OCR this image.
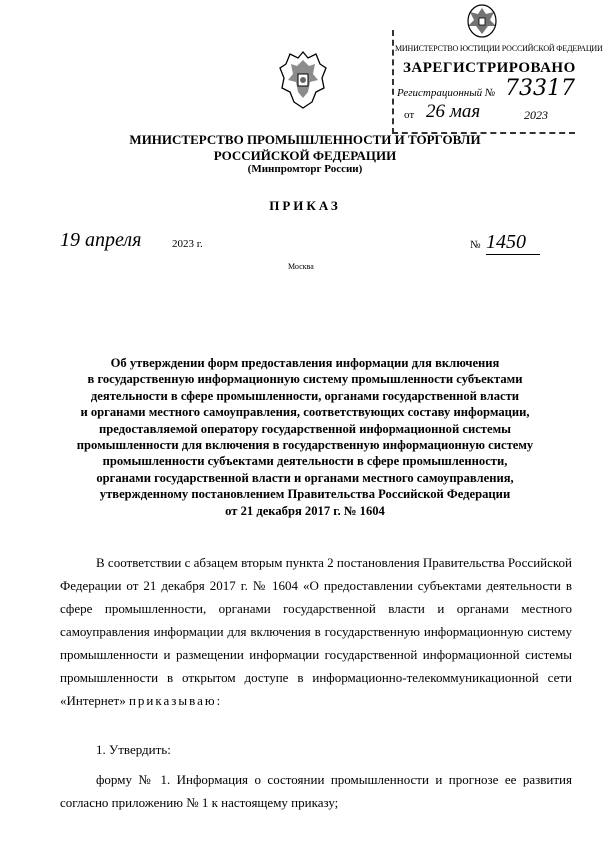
МИНИСТЕРСТВО ЮСТИЦИИ РОССИЙСКОЙ ФЕДЕРАЦИИ
ЗАРЕГИСТРИРОВАНО
Регистрационный № 73317
от 26 мая	2023
МИНИСТЕРСТВО ПРОМЫШЛЕННОСТИ И ТОРГОВЛИ
РОССИЙСКОЙ ФЕДЕРАЦИИ
(Минпромторг России)
ПРИКАЗ
19 апреля	2023 г.	№ 1450
Москва
Об утверждении форм предоставления информации для включения
в государственную информационную систему промышленности субъектами
деятельности в сфере промышленности, органами государственной власти
и органами местного самоуправления, соответствующих составу информации,
предоставляемой оператору государственной информационной системы
промышленности для включения в государственную информационную систему
промышленности субъектами деятельности в сфере промышленности,
органами государственной власти и органами местного самоуправления,
утвержденному постановлением Правительства Российской Федерации
от 21 декабря 2017 г. № 1604
В соответствии с абзацем вторым пункта 2 постановления Правительства Российской Федерации от 21 декабря 2017 г. № 1604 «О предоставлении субъектами деятельности в сфере промышленности, органами государственной власти и органами местного самоуправления информации для включения в государственную информационную систему промышленности и размещении информации государственной информационной системы промышленности в открытом доступе в информационно-телекоммуникационной сети «Интернет» приказываю:
1. Утвердить:
форму № 1. Информация о состоянии промышленности и прогнозе ее развития согласно приложению № 1 к настоящему приказу;
